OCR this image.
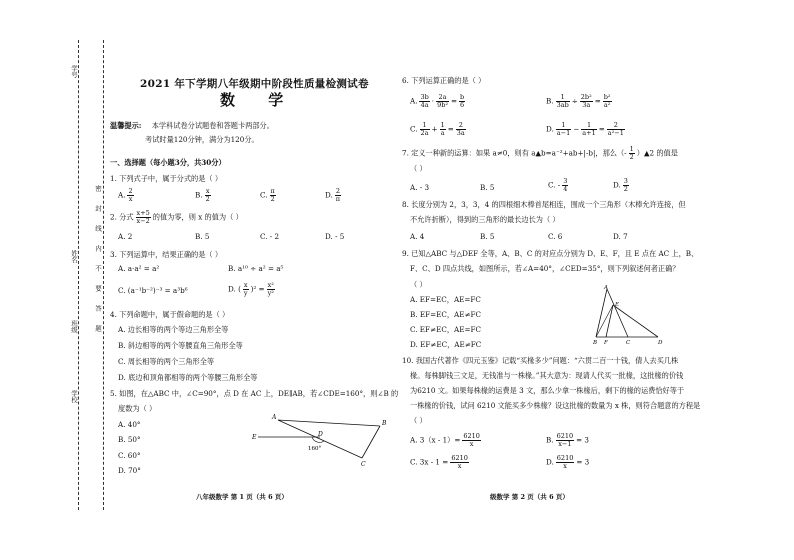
学校
班级
姓名
学号
密
封
线
内
不
要
答
题
2021 年下学期八年级期中阶段性质量检测试卷
数 学
温馨提示: 本学科试卷分试题卷和答题卡两部分。
考试时量120分钟，满分为120分。
一、选择题（每小题3分，共30分）
1. 下列式子中，属于分式的是（ ）
A. $\frac{2}{x}$	B. $\frac{x}{2}$	C. $\frac{\pi}{2}$	D. $\frac{2}{\pi}$
2. 分式 $\frac{x+5}{x-2}$ 的值为零，则 x 的值为（ ）
A. 2	B. 5	C. - 2	D. - 5
3. 下列运算中，结果正确的是（ ）
A. a·a² = a²	B. a¹⁰ ÷ a² = a⁵
C. (a⁻¹b⁻²)⁻³ = a³b⁶	D. ( $\frac{x}{y} )^2 = \frac{\text{x²}}{\text{y²}}$
4. 下列命题中，属于假命题的是（ ）
A. 边长相等的两个等边三角形全等
B. 斜边相等的两个等腰直角三角形全等
C. 周长相等的两个三角形全等
D. 底边和顶角都相等的两个等腰三角形全等
5. 如图，在△ABC 中，∠C=90°，点 D 在 AC 上，DE∥AB，若∠CDE=160°，则∠B 的
度数为（ ）
A. 40°
B. 50°
C. 60°
D. 70°
E
A
B
C
D
160°
八年级数学 第 1 页（共 6 页）
6. 下列运算正确的是（ ）
A. $\frac{3b}{4a} \cdot \frac{2a}{\text{9b²}} = \frac{b}{6}$	B. $\frac{1}{3ab} \div \frac{\text{2b²}}{3a} = \frac{\text{b²}}{\text{a²}}$
C. $\frac{1}{2a} + \frac{1}{a} = \frac{2}{3a}$	D. $\frac{1}{a-1} - \frac{1}{a+1} = \frac{2}{\text{a²−1}}$
7. 定义一种新的运算：如果 a≠0，则有 a▲b=a⁻²+ab+|-b|，那么（- $\frac{1}{2}$ ）▲2 的值是
（ ）
A. - 3	B. 5	C. - $\frac{3}{4}$	D. $\frac{3}{2}$
8. 长度分别为 2，3，3，4 的四根细木棒首尾相连，围成一个三角形（木棒允许连接，但
不允许折断），得到的三角形的最长边长为（ ）
A. 4	B. 5	C. 6	D. 7
9. 已知△ABC 与△DEF 全等，A、B、C 的对应点分别为 D、E、F，且 E 点在 AC 上，B、
F、C、D 四点共线，如图所示，若∠A=40°，∠CED=35°，则下列叙述何者正确？
（ ）
A. EF=EC，AE=FC
B. EF=EC，AE≠FC
C. EF≠EC，AE=FC
D. EF≠EC，AE≠FC
A
E
B F	C	D
10. 我国古代著作《四元玉鉴》记载“买椽多少”问题：“六贯二百一十钱，倩人去买几株
椽。每株脚钱三文足，无钱准与一株椽。”其大意为：现请人代买一批椽，这批椽的价钱
为6210 文。如果每株椽的运费是 3 文，那么少拿一株椽后，剩下的椽的运费恰好等于
一株椽的价钱，试问 6210 文能买多少株椽？设这批椽的数量为 x 株，则符合题意的方程是
（ ）
A. $3(x - 1)= \frac{6210}{x}$	B. $\frac{6210}{x-1} = 3$
C. $3x - 1 = \frac{6210}{x}$	D. $\frac{6210}{x} = 3$
级数学 第 2 页（共 6 页）
